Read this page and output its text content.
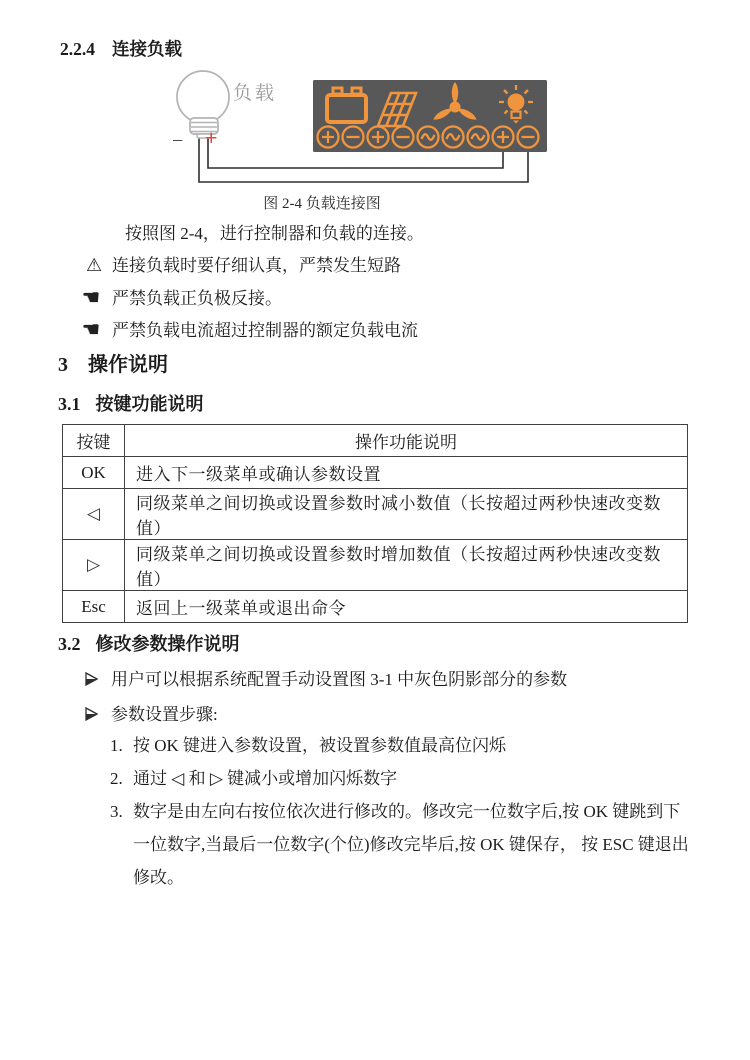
2.2.4 连接负载
负载
− +
图 2-4 负载连接图
按照图 2-4，进行控制器和负载的连接。
⚠ 连接负载时要仔细认真，严禁发生短路
☚ 严禁负载正负极反接。
☚ 严禁负载电流超过控制器的额定负载电流
3 操作说明
3.1 按键功能说明
按键	操作功能说明
OK	进入下一级菜单或确认参数设置
◁	同级菜单之间切换或设置参数时减小数值（长按超过两秒快速改变数值）
▷	同级菜单之间切换或设置参数时增加数值（长按超过两秒快速改变数值）
Esc	返回上一级菜单或退出命令
3.2 修改参数操作说明
用户可以根据系统配置手动设置图 3-1 中灰色阴影部分的参数
参数设置步骤:
1. 按 OK 键进入参数设置，被设置参数值最高位闪烁
2. 通过 ◁ 和 ▷ 键减小或增加闪烁数字
3. 数字是由左向右按位依次进行修改的。修改完一位数字后,按 OK 键跳到下一位数字,当最后一位数字(个位)修改完毕后,按 OK 键保存， 按 ESC 键退出修改。
